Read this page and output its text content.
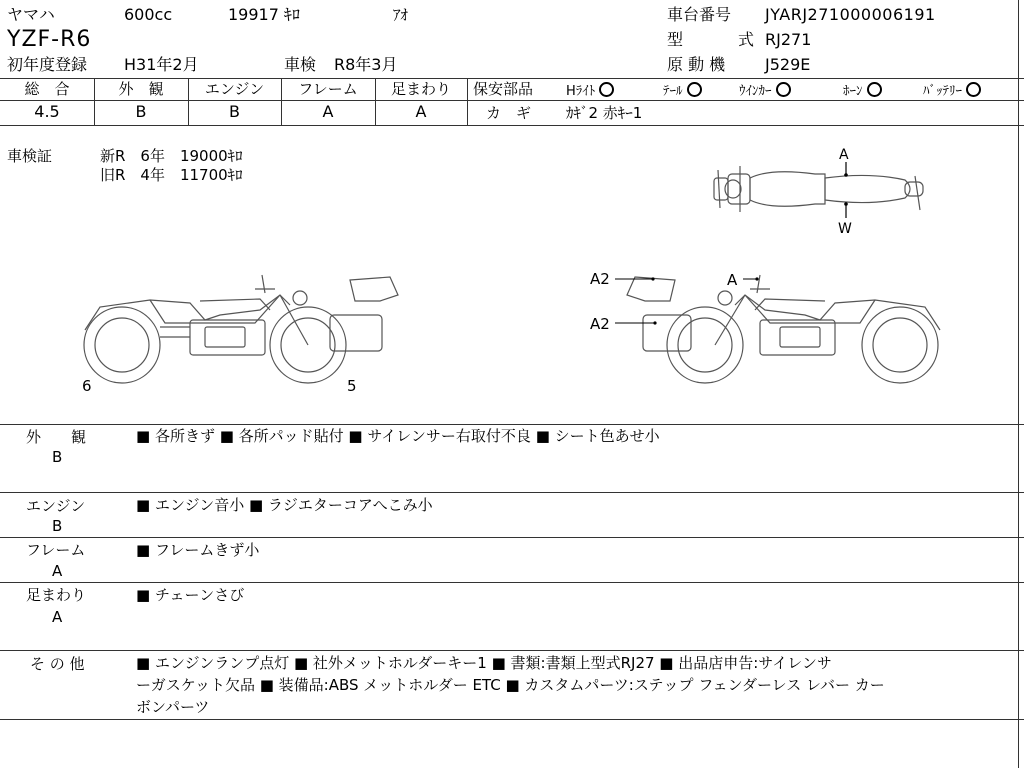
ヤマハ	600cc	19917 ｷﾛ	ｱｵ
YZF-R6
初年度登録 H31年2月	車検 R8年3月
車台番号 JYARJ271000006191
型	式 RJ271
原 動 機 J529E
総　合	外　観	エンジン	フレーム	足まわり
4.5	B	B	A	A
保安部品	Hﾗｲﾄ	ﾃｰﾙ	ｳｲﾝｶｰ	ﾎｰﾝ	ﾊﾞｯﾃﾘｰ
カ　ギ ｶｷﾞ2 赤ｷｰ1
車検証	新R　6年　19000ｷﾛ
旧R　4年　11700ｷﾛ
A
W
6	5
A2	A
A2
外　　観
B
■ 各所きず ■ 各所パッド貼付 ■ サイレンサー右取付不良 ■ シート色あせ小
エンジン
B
■ エンジン音小 ■ ラジエターコアへこみ小
フレーム
A
■ フレームきず小
足まわり
A
■ チェーンさび
そ の 他	■ エンジンランプ点灯 ■ 社外メットホルダーキー1 ■ 書類:書類上型式RJ27 ■ 出品店申告:サイレンサ
ーガスケット欠品 ■ 装備品:ABS メットホルダー ETC ■ カスタムパーツ:ステップ フェンダーレス レバー カー
ボンパーツ
